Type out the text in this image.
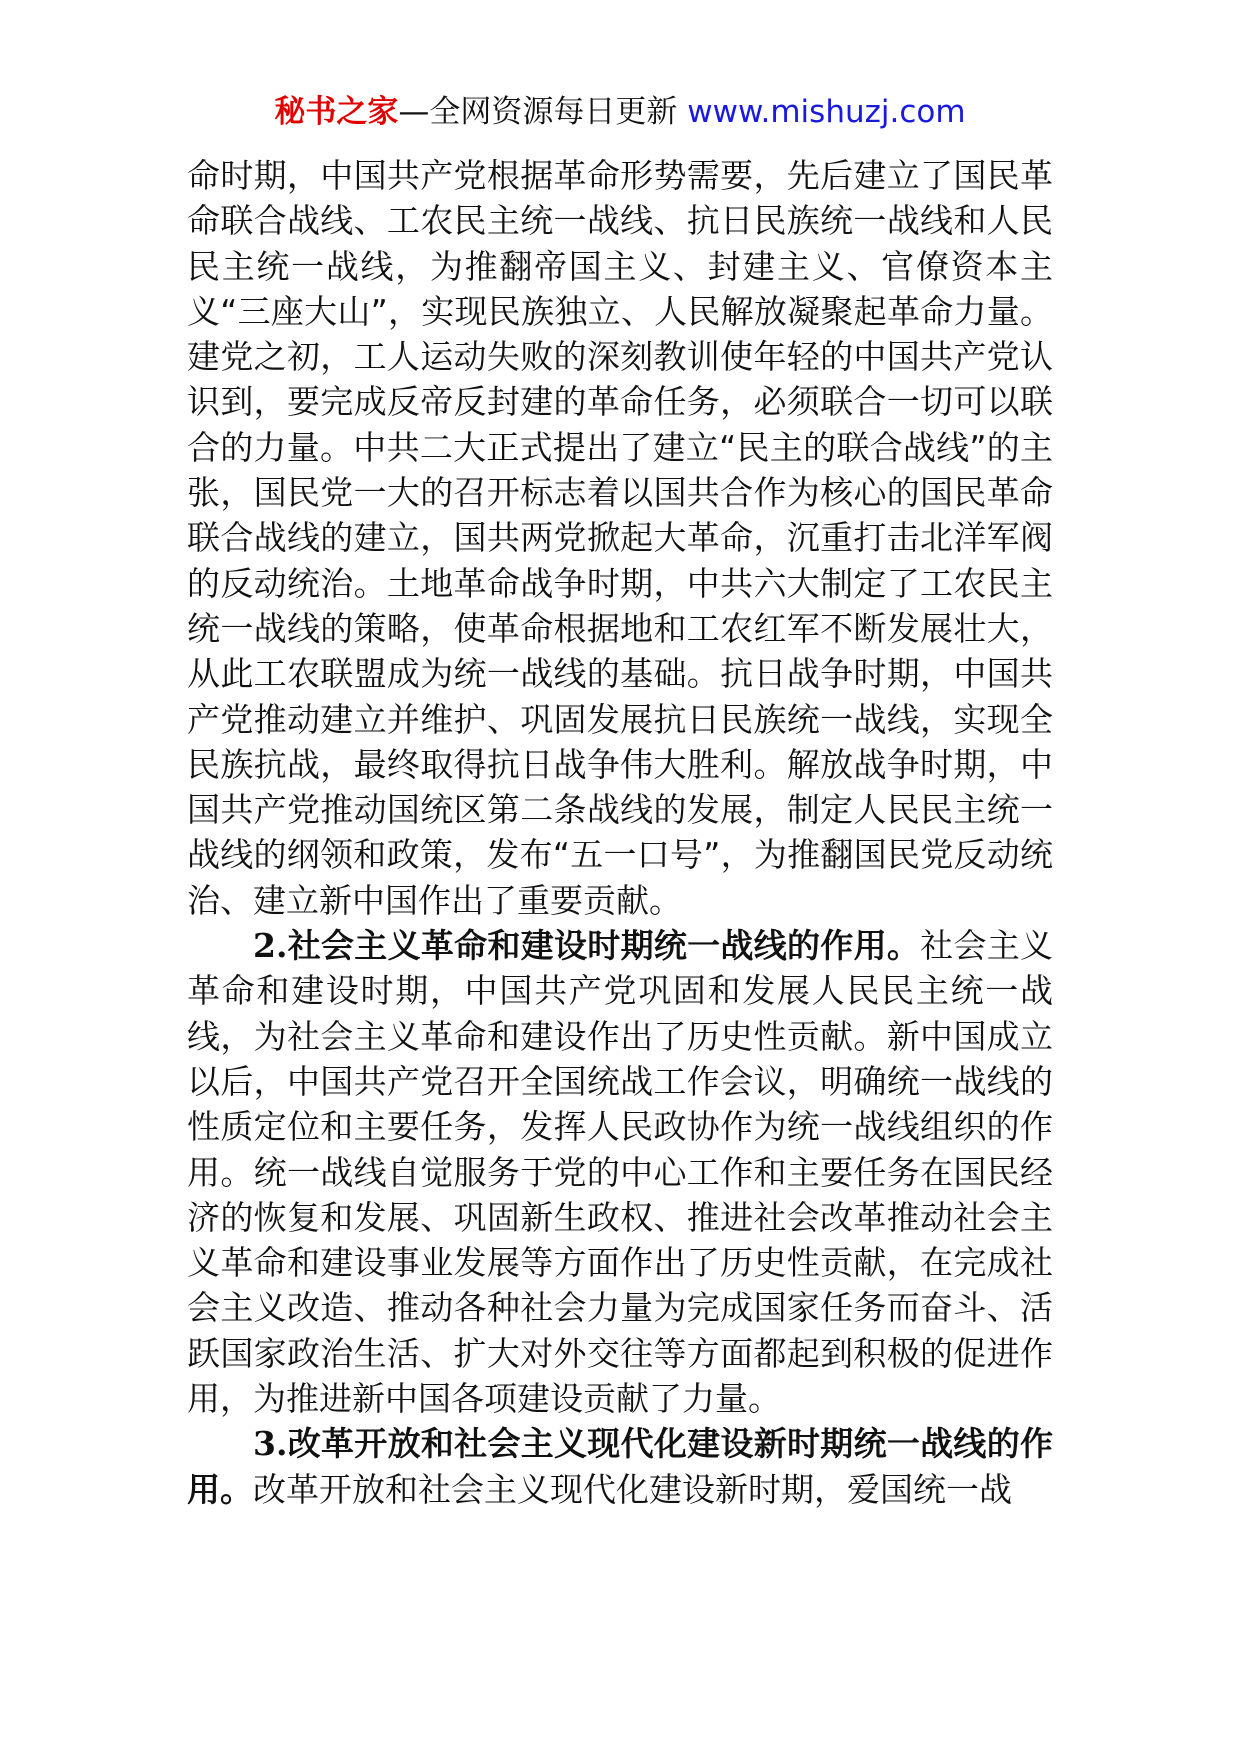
秘书之家—全网资源每日更新 www.mishuzj.com

命时期，中国共产党根据革命形势需要，先后建立了国民革命联合战线、工农民主统一战线、抗日民族统一战线和人民民主统一战线，为推翻帝国主义、封建主义、官僚资本主义“三座大山”，实现民族独立、人民解放凝聚起革命力量。建党之初，工人运动失败的深刻教训使年轻的中国共产党认识到，要完成反帝反封建的革命任务，必须联合一切可以联合的力量。中共二大正式提出了建立“民主的联合战线”的主张，国民党一大的召开标志着以国共合作为核心的国民革命联合战线的建立，国共两党掀起大革命，沉重打击北洋军阀的反动统治。土地革命战争时期，中共六大制定了工农民主统一战线的策略，使革命根据地和工农红军不断发展壮大，从此工农联盟成为统一战线的基础。抗日战争时期，中国共产党推动建立并维护、巩固发展抗日民族统一战线，实现全民族抗战，最终取得抗日战争伟大胜利。解放战争时期，中国共产党推动国统区第二条战线的发展，制定人民民主统一战线的纲领和政策，发布“五一口号”，为推翻国民党反动统治、建立新中国作出了重要贡献。

2.社会主义革命和建设时期统一战线的作用。社会主义革命和建设时期，中国共产党巩固和发展人民民主统一战线，为社会主义革命和建设作出了历史性贡献。新中国成立以后，中国共产党召开全国统战工作会议，明确统一战线的性质定位和主要任务，发挥人民政协作为统一战线组织的作用。统一战线自觉服务于党的中心工作和主要任务在国民经济的恢复和发展、巩固新生政权、推进社会改革推动社会主义革命和建设事业发展等方面作出了历史性贡献，在完成社会主义改造、推动各种社会力量为完成国家任务而奋斗、活跃国家政治生活、扩大对外交往等方面都起到积极的促进作用，为推进新中国各项建设贡献了力量。

3.改革开放和社会主义现代化建设新时期统一战线的作用。改革开放和社会主义现代化建设新时期，爱国统一战
